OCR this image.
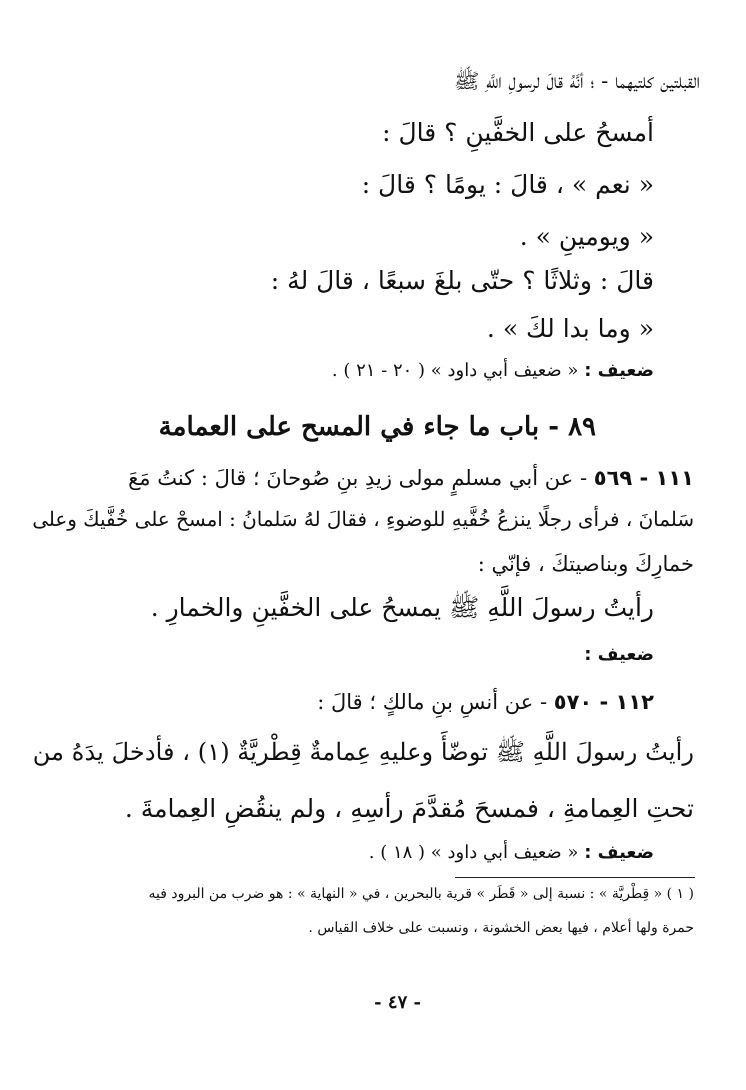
القبلتين كلتيهما - ؛ أنَّهُ قالَ لرسولِ اللَّهِ ﷺ
أمسحُ على الخفَّينِ ؟ قالَ :
« نعم » ، قالَ : يومًا ؟ قالَ :
« ويومينِ » .
قالَ : وثلاثًا ؟ حتّى بلغَ سبعًا ، قالَ لهُ :
« وما بدا لكَ » .
ضعيف : « ضعيف أبي داود » ( ٢٠ - ٢١ ) .
٨٩ - باب ما جاء في المسح على العمامة
١١١ - ٥٦٩ - عن أبي مسلمٍ مولى زيدِ بنِ صُوحانَ ؛ قالَ : كنتُ مَعَ
سَلمانَ ، فرأى رجلًا ينزعُ خُفَّيهِ للوضوءِ ، فقالَ لهُ سَلمانُ : امسحْ على خُفَّيكَ وعلى
خمارِكَ وبناصيتكَ ، فإنّي :
رأيتُ رسولَ اللَّهِ ﷺ يمسحُ على الخفَّينِ والخمارِ .
ضعيف :
١١٢ - ٥٧٠ - عن أنسِ بنِ مالكٍ ؛ قالَ :
رأيتُ رسولَ اللَّهِ ﷺ توضّأَ وعليهِ عِمامةٌ قِطْريَّةٌ (١) ، فأدخلَ يدَهُ من
تحتِ العِمامةِ ، فمسحَ مُقدَّمَ رأسِهِ ، ولم ينقُضِ العِمامةَ .
ضعيف : « ضعيف أبي داود » ( ١٨ ) .
( ١ ) « قِطْريَّة » : نسبة إلى « قَطَر » قرية بالبحرين ، في « النهاية » : هو ضرب من البرود فيه
حمرة ولها أعلام ، فيها بعض الخشونة ، ونسبت على خلاف القياس .
- ٤٧ -
